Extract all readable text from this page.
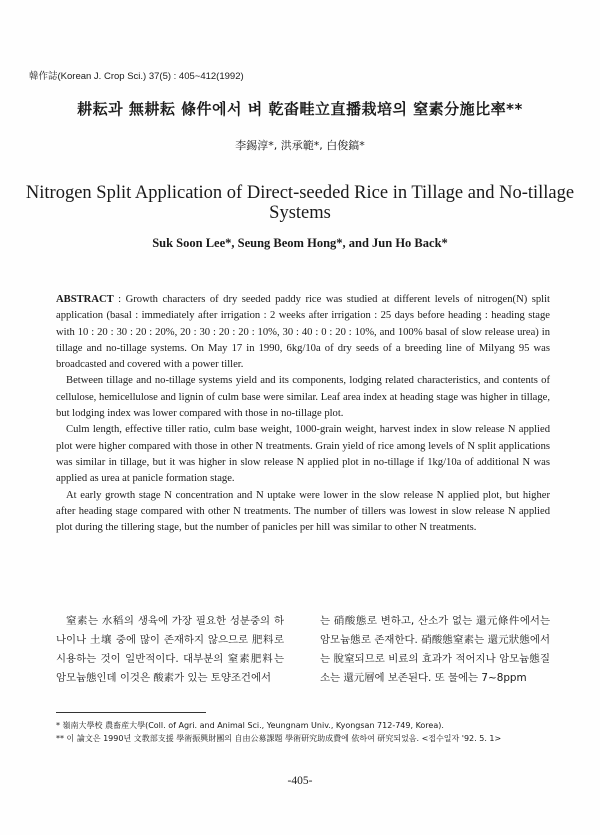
韓作誌(Korean J. Crop Sci.) 37(5) : 405~412(1992)
耕耘과 無耕耘 條件에서 벼 乾畓畦立直播栽培의 窒素分施比率**
李錫淳*, 洪承範*, 白俊鎬*
Nitrogen Split Application of Direct-seeded Rice in Tillage and No-tillage Systems
Suk Soon Lee*, Seung Beom Hong*, and Jun Ho Back*

ABSTRACT : Growth characters of dry seeded paddy rice was studied at different levels of nitrogen(N) split application (basal : immediately after irrigation : 2 weeks after irrigation : 25 days before heading : heading stage with 10 : 20 : 30 : 20 : 20%, 20 : 30 : 20 : 20 : 10%, 30 : 40 : 0 : 20 : 10%, and 100% basal of slow release urea) in tillage and no-tillage systems. On May 17 in 1990, 6kg/10a of dry seeds of a breeding line of Milyang 95 was broadcasted and covered with a power tiller.

Between tillage and no-tillage systems yield and its components, lodging related characteristics, and contents of cellulose, hemicellulose and lignin of culm base were similar. Leaf area index at heading stage was higher in tillage, but lodging index was lower compared with those in no-tillage plot.

Culm length, effective tiller ratio, culm base weight, 1000-grain weight, harvest index in slow release N applied plot were higher compared with those in other N treatments. Grain yield of rice among levels of N split applications was similar in tillage, but it was higher in slow release N applied plot in no-tillage if 1kg/10a of additional N was applied as urea at panicle formation stage.

At early growth stage N concentration and N uptake were lower in the slow release N applied plot, but higher after heading stage compared with other N treatments. The number of tillers was lowest in slow release N applied plot during the tillering stage, but the number of panicles per hill was similar to other N treatments.

窒素는 水稻의 생육에 가장 필요한 성분중의 하나이나 土壤 중에 많이 존재하지 않으므로 肥料로 시용하는 것이 일반적이다. 대부분의 窒素肥料는 암모늄態인데 이것은 酸素가 있는 토양조건에서
는 硝酸態로 변하고, 산소가 없는 還元條件에서는 암모늄態로 존재한다. 硝酸態窒素는 還元狀態에서는 脫窒되므로 비료의 효과가 적어지나 암모늄態질소는 還元層에 보존된다. 또 물에는 7~8ppm
* 嶺南大學校 農畜産大學(Coll. of Agri. and Animal Sci., Yeungnam Univ., Kyongsan 712-749, Korea).
** 이 論文은 1990년 文教部支援 學術振興財團의 自由公募課題 學術研究助成費에 依하여 研究되었음. <접수일자 '92. 5. 1>
-405-
